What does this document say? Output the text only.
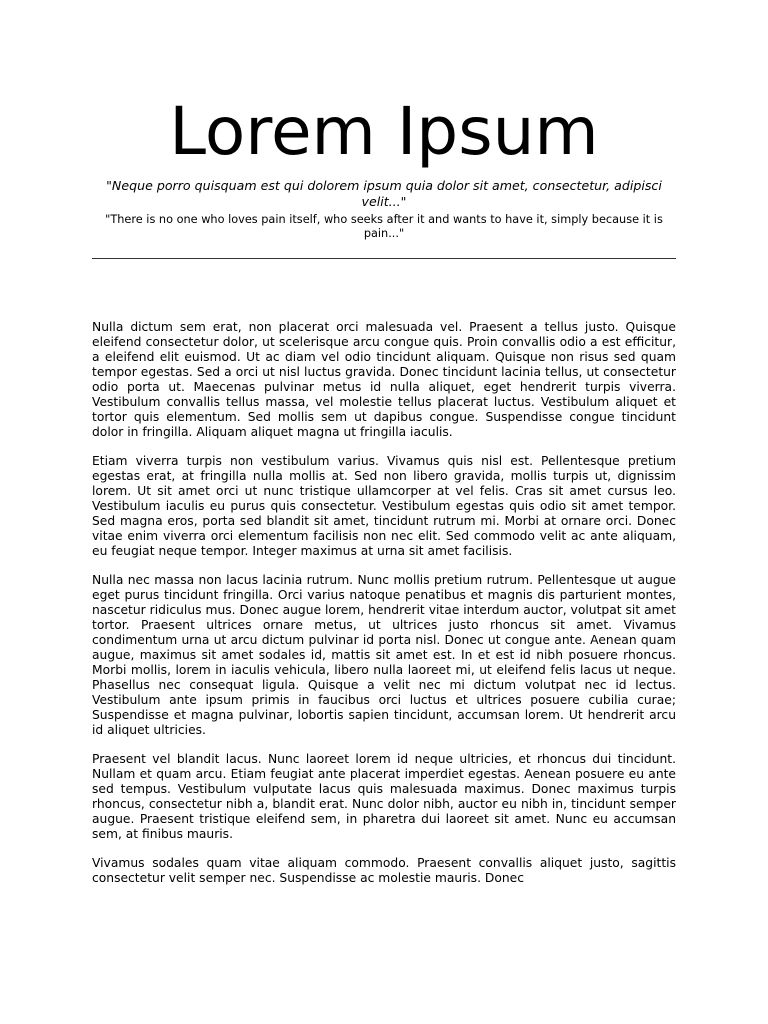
Lorem Ipsum

"Neque porro quisquam est qui dolorem ipsum quia dolor sit amet, consectetur, adipisci velit..."

"There is no one who loves pain itself, who seeks after it and wants to have it, simply because it is pain..."

Nulla dictum sem erat, non placerat orci malesuada vel. Praesent a tellus justo. Quisque eleifend consectetur dolor, ut scelerisque arcu congue quis. Proin convallis odio a est efficitur, a eleifend elit euismod. Ut ac diam vel odio tincidunt aliquam. Quisque non risus sed quam tempor egestas. Sed a orci ut nisl luctus gravida. Donec tincidunt lacinia tellus, ut consectetur odio porta ut. Maecenas pulvinar metus id nulla aliquet, eget hendrerit turpis viverra. Vestibulum convallis tellus massa, vel molestie tellus placerat luctus. Vestibulum aliquet et tortor quis elementum. Sed mollis sem ut dapibus congue. Suspendisse congue tincidunt dolor in fringilla. Aliquam aliquet magna ut fringilla iaculis.

Etiam viverra turpis non vestibulum varius. Vivamus quis nisl est. Pellentesque pretium egestas erat, at fringilla nulla mollis at. Sed non libero gravida, mollis turpis ut, dignissim lorem. Ut sit amet orci ut nunc tristique ullamcorper at vel felis. Cras sit amet cursus leo. Vestibulum iaculis eu purus quis consectetur. Vestibulum egestas quis odio sit amet tempor. Sed magna eros, porta sed blandit sit amet, tincidunt rutrum mi. Morbi at ornare orci. Donec vitae enim viverra orci elementum facilisis non nec elit. Sed commodo velit ac ante aliquam, eu feugiat neque tempor. Integer maximus at urna sit amet facilisis.

Nulla nec massa non lacus lacinia rutrum. Nunc mollis pretium rutrum. Pellentesque ut augue eget purus tincidunt fringilla. Orci varius natoque penatibus et magnis dis parturient montes, nascetur ridiculus mus. Donec augue lorem, hendrerit vitae interdum auctor, volutpat sit amet tortor. Praesent ultrices ornare metus, ut ultrices justo rhoncus sit amet. Vivamus condimentum urna ut arcu dictum pulvinar id porta nisl. Donec ut congue ante. Aenean quam augue, maximus sit amet sodales id, mattis sit amet est. In et est id nibh posuere rhoncus. Morbi mollis, lorem in iaculis vehicula, libero nulla laoreet mi, ut eleifend felis lacus ut neque. Phasellus nec consequat ligula. Quisque a velit nec mi dictum volutpat nec id lectus. Vestibulum ante ipsum primis in faucibus orci luctus et ultrices posuere cubilia curae; Suspendisse et magna pulvinar, lobortis sapien tincidunt, accumsan lorem. Ut hendrerit arcu id aliquet ultricies.

Praesent vel blandit lacus. Nunc laoreet lorem id neque ultricies, et rhoncus dui tincidunt. Nullam et quam arcu. Etiam feugiat ante placerat imperdiet egestas. Aenean posuere eu ante sed tempus. Vestibulum vulputate lacus quis malesuada maximus. Donec maximus turpis rhoncus, consectetur nibh a, blandit erat. Nunc dolor nibh, auctor eu nibh in, tincidunt semper augue. Praesent tristique eleifend sem, in pharetra dui laoreet sit amet. Nunc eu accumsan sem, at finibus mauris.

Vivamus sodales quam vitae aliquam commodo. Praesent convallis aliquet justo, sagittis consectetur velit semper nec. Suspendisse ac molestie mauris. Donec
